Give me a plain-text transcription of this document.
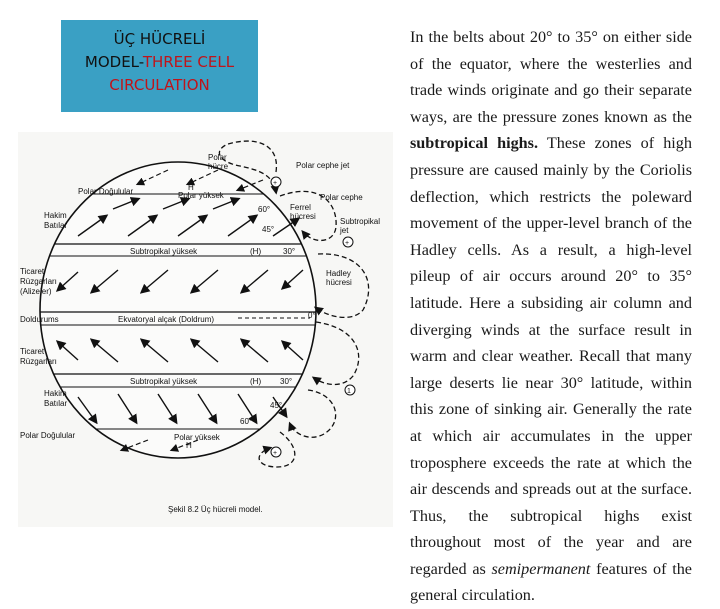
ÜÇ HÜCRELİ
MODEL-THREE CELL
CIRCULATION
+
+
1
+
Polar
hücre	Polar cephe jet
Polar Doğulular	H
Polar yüksek	Polar cephe
Hakim
Batılar
Ferrel
hücresi
Subtropikal
jet
60°
45°
30°
Subtropikal yüksek	(H)
Ticaret
Rüzgarları
(Alizeler)
Hadley
hücresi
Doldurums	Ekvatoryal alçak (Doldrum)	0°
Ticaret
Rüzgarları
Subtropikal yüksek	(H) 30°
Hakim
Batılar	45°
60°
Polar Doğulular	Polar yüksek
H
Şekil 8.2 Üç hücreli model.
In the belts about 20° to 35° on either side of the equator, where the westerlies and trade winds originate and go their separate ways, are the pressure zones known as the subtropical highs. These zones of high pressure are caused mainly by the Coriolis deflection, which restricts the poleward movement of the upper-level branch of the Hadley cells. As a result, a high-level pileup of air occurs around 20° to 35° latitude. Here a subsiding air column and diverging winds at the surface result in warm and clear weather. Recall that many large deserts lie near 30° latitude, within this zone of sinking air. Generally the rate at which air accumulates in the upper troposphere exceeds the rate at which the air descends and spreads out at the surface. Thus, the subtropical highs exist throughout most of the year and are regarded as semipermanent features of the general circulation.
